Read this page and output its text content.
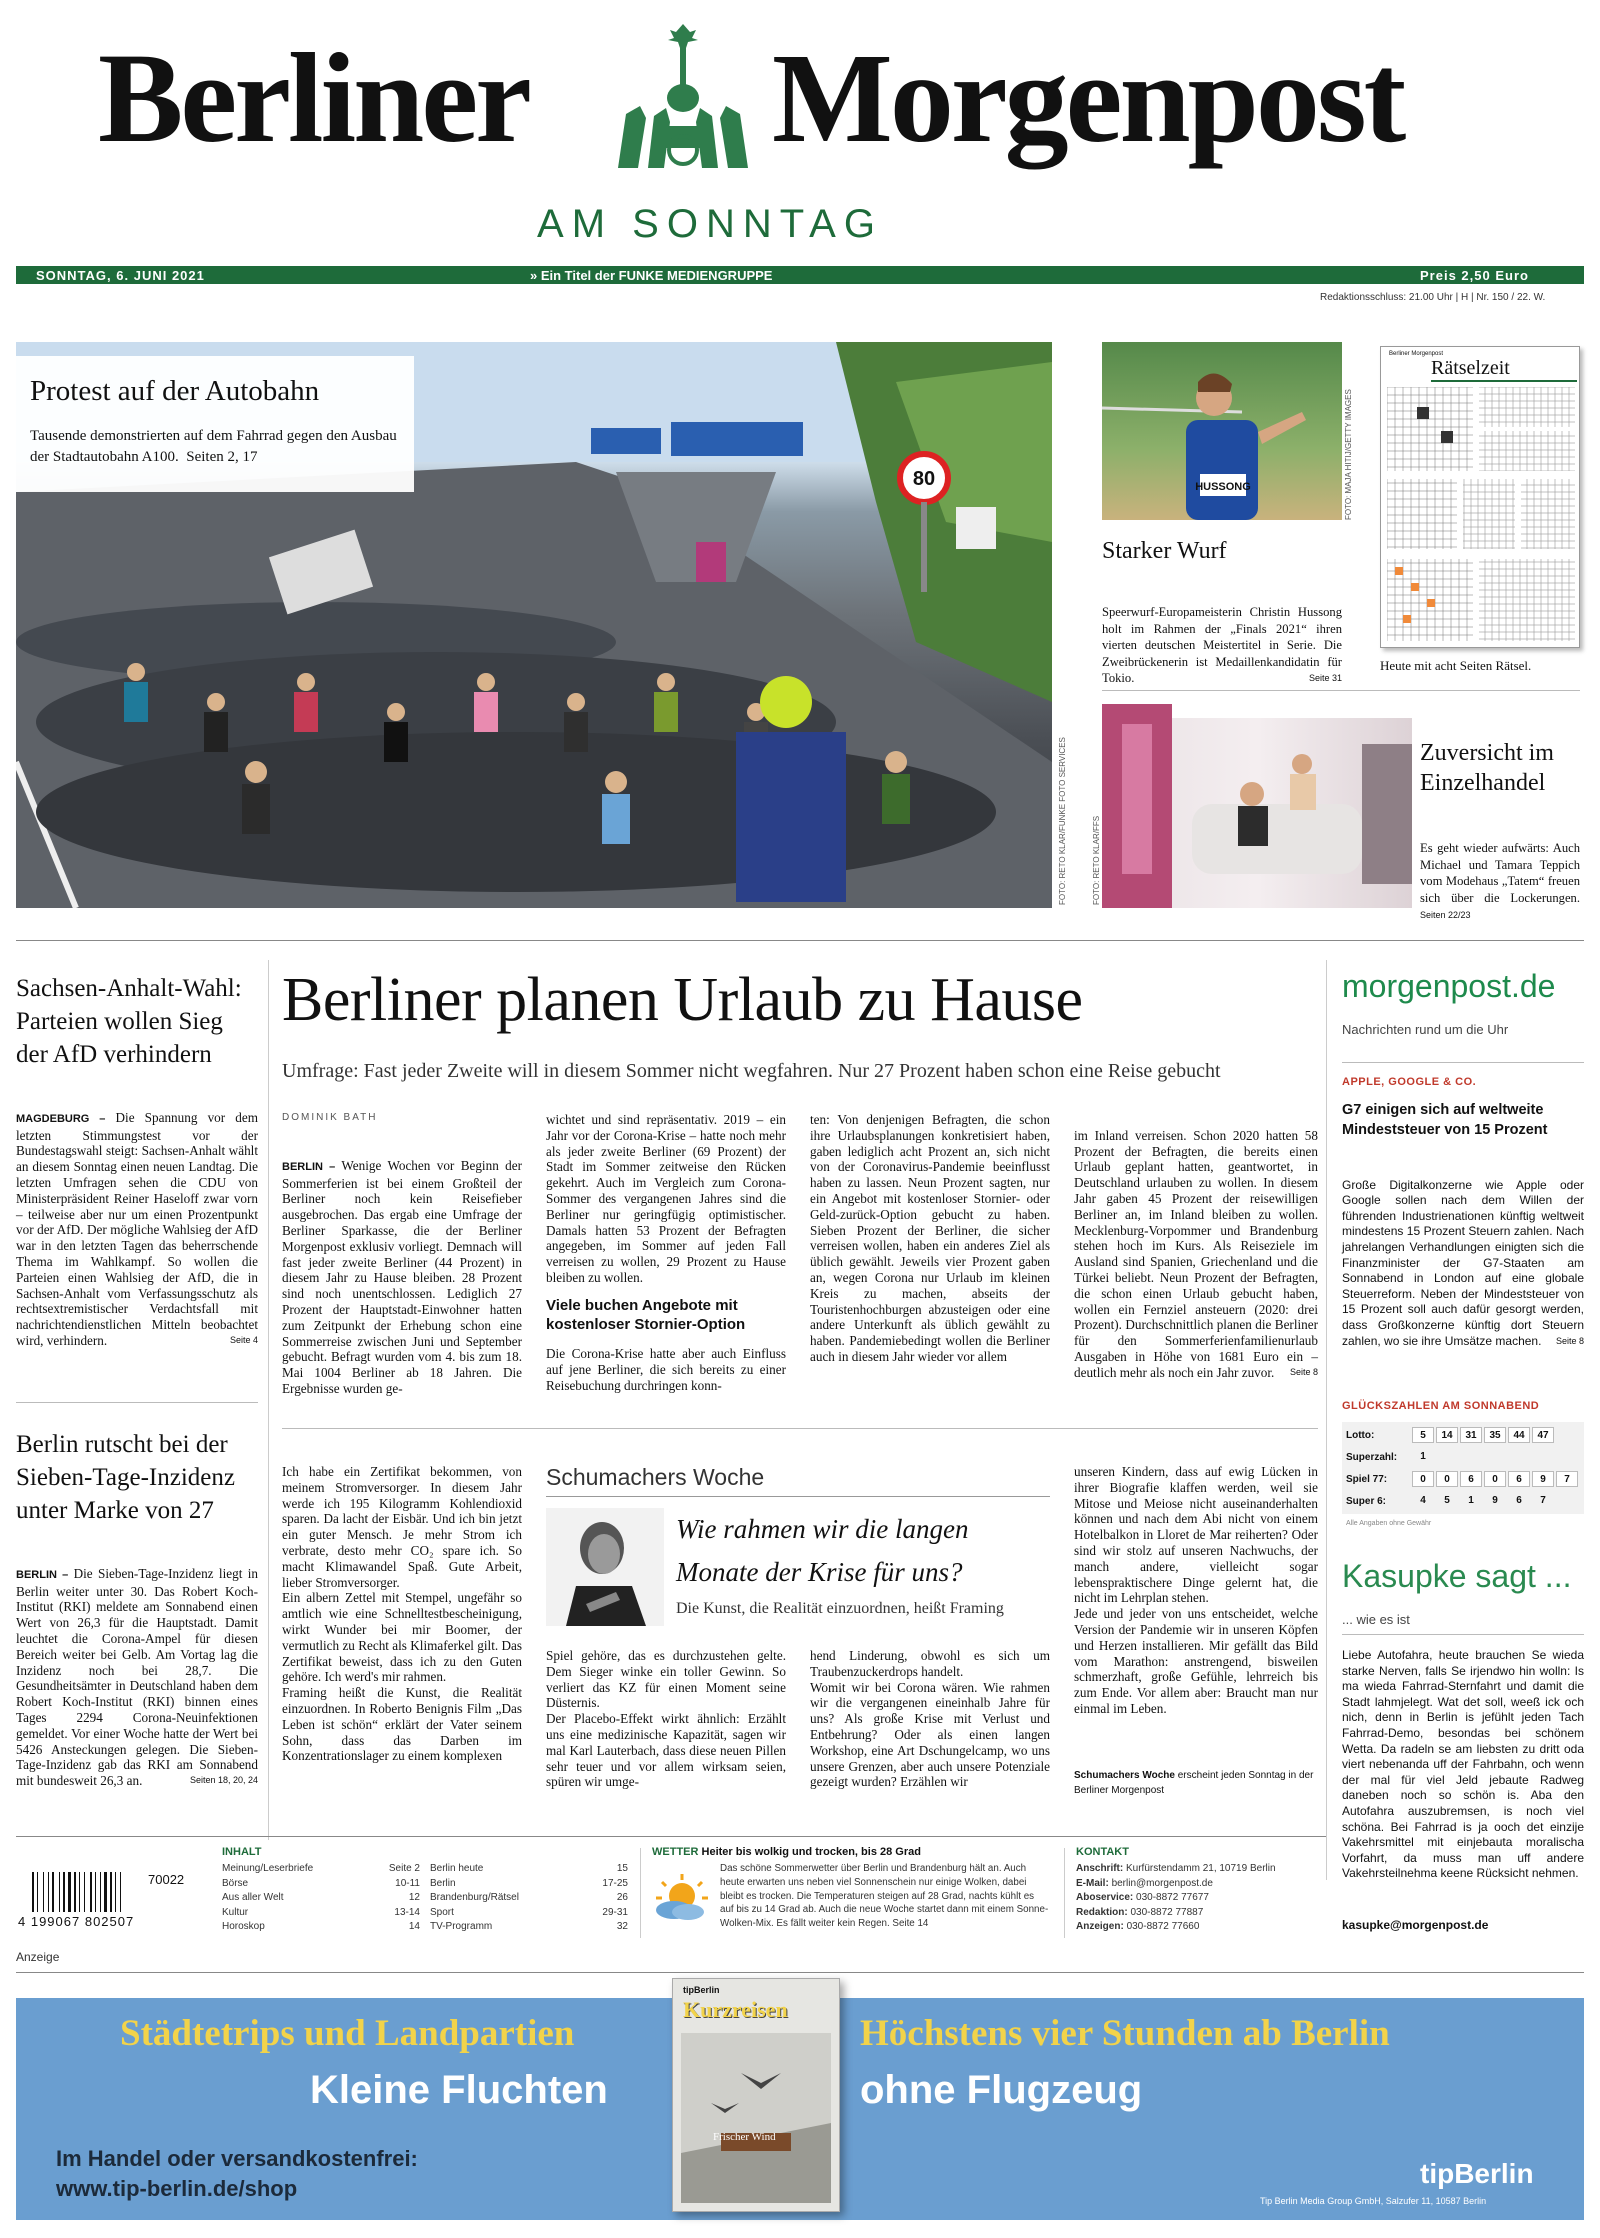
Berliner Morgenpost
AM SONNTAG
SONNTAG, 6. JUNI 2021	» Ein Titel der FUNKE MEDIENGRUPPE	Preis 2,50 Euro
Redaktionsschluss: 21.00 Uhr | H | Nr. 150 / 22. W.
80
Protest auf der Autobahn
Tausende demonstrierten auf dem Fahrrad gegen den Ausbau der Stadtautobahn A100. Seiten 2, 17
FOTO: RETO KLAR/FUNKE FOTO SERVICES
HUSSONG	FOTO: MAJA HITIJ/GETTY IMAGES
Starker Wurf

Speerwurf-Europameisterin Christin Hussong holt im Rahmen der „Finals 2021“ ihren vierten deutschen Meistertitel in Serie. Die Zweibrückenerin ist Medaillenkandidatin für Tokio.	Seite 31

Berliner Morgenpost
Rätselzeit
Heute mit acht Seiten Rätsel.
FOTO: RETO KLAR/FFS
Zuversicht im Einzelhandel

Es geht wieder aufwärts: Auch Michael und Tamara Teppich vom Modehaus „Tatem“ freuen sich über die Lockerungen. Seiten 22/23

Sachsen-Anhalt-Wahl: Parteien wollen Sieg der AfD verhindern

MAGDEBURG – Die Spannung vor dem letzten Stimmungstest vor der Bundestagswahl steigt: Sachsen-Anhalt wählt an diesem Sonntag einen neuen Landtag. Die letzten Umfragen sehen die CDU von Ministerpräsident Reiner Haseloff zwar vorn – teilweise aber nur um einen Prozentpunkt vor der AfD. Der mögliche Wahlsieg der AfD war in den letzten Tagen das beherrschende Thema im Wahlkampf. So wollen die Parteien einen Wahlsieg der AfD, die in Sachsen-Anhalt vom Verfassungsschutz als rechtsextremistischer Verdachtsfall mit nachrichtendienstlichen Mitteln beobachtet wird, verhindern.	Seite 4

Berlin rutscht bei der Sieben-Tage-Inzidenz unter Marke von 27

BERLIN – Die Sieben-Tage-Inzidenz liegt in Berlin weiter unter 30. Das Robert Koch-Institut (RKI) meldete am Sonnabend einen Wert von 26,3 für die Hauptstadt. Damit leuchtet die Corona-Ampel für diesen Bereich weiter bei Gelb. Am Vortag lag die Inzidenz noch bei 28,7. Die Gesundheitsämter in Deutschland haben dem Robert Koch-Institut (RKI) binnen eines Tages 2294 Corona-Neuinfektionen gemeldet. Vor einer Woche hatte der Wert bei 5426 Ansteckungen gelegen. Die Sieben-Tage-Inzidenz gab das RKI am Sonnabend mit bundesweit 26,3 an.	Seiten 18, 20, 24

Berliner planen Urlaub zu Hause
Umfrage: Fast jeder Zweite will in diesem Sommer nicht wegfahren. Nur 27 Prozent haben schon eine Reise gebucht
DOMINIK BATH

BERLIN – Wenige Wochen vor Beginn der Sommerferien ist bei einem Großteil der Berliner noch kein Reisefieber ausgebrochen. Das ergab eine Umfrage der Berliner Sparkasse, die der Berliner Morgenpost exklusiv vorliegt. Demnach will fast jeder zweite Berliner (44 Prozent) in diesem Jahr zu Hause bleiben. 28 Prozent sind noch unentschlossen. Lediglich 27 Prozent der Hauptstadt-Einwohner hatten zum Zeitpunkt der Erhebung schon eine Sommerreise zwischen Juni und September gebucht. Befragt wurden vom 4. bis zum 18. Mai 1004 Berliner ab 18 Jahren. Die Ergebnisse wurden ge-

wichtet und sind repräsentativ. 2019 – ein Jahr vor der Corona-Krise – hatte noch mehr als jeder zweite Berliner (69 Prozent) der Stadt im Sommer zeitweise den Rücken gekehrt. Auch im Vergleich zum Corona-Sommer des vergangenen Jahres sind die Berliner nur geringfügig optimistischer. Damals hatten 53 Prozent der Befragten angegeben, im Sommer auf jeden Fall verreisen zu wollen, 29 Prozent zu Hause bleiben zu wollen.
Viele buchen Angebote mit kostenloser Stornier-Option
Die Corona-Krise hatte aber auch Einfluss auf jene Berliner, die sich bereits zu einer Reisebuchung durchringen konn-
ten: Von denjenigen Befragten, die schon ihre Urlaubsplanungen konkretisiert haben, gaben lediglich acht Prozent an, sich nicht von der Coronavirus-Pandemie beeinflusst haben zu lassen. Neun Prozent sagten, nur ein Angebot mit kostenloser Stornier- oder Geld-zurück-Option gebucht zu haben. Sieben Prozent der Berliner, die sicher verreisen wollen, haben ein anderes Ziel als üblich gewählt. Jeweils vier Prozent gaben an, wegen Corona nur Urlaub im kleinen Kreis zu machen, abseits der Touristenhochburgen abzusteigen oder eine andere Unterkunft als üblich gewählt zu haben. Pandemiebedingt wollen die Berliner auch in diesem Jahr wieder vor allem

im Inland verreisen. Schon 2020 hatten 58 Prozent der Befragten, die bereits einen Urlaub geplant hatten, geantwortet, in Deutschland urlauben zu wollen. In diesem Jahr gaben 45 Prozent der reisewilligen Berliner an, im Inland bleiben zu wollen. Mecklenburg-Vorpommer und Brandenburg stehen hoch im Kurs. Als Reiseziele im Ausland sind Spanien, Griechenland und die Türkei beliebt. Neun Prozent der Befragten, die schon einen Urlaub gebucht haben, wollen ein Fernziel ansteuern (2020: drei Prozent). Durchschnittlich planen die Berliner für den Sommerferienfamilienurlaub Ausgaben in Höhe von 1681 Euro ein – deutlich mehr als noch ein Jahr zuvor. Seite 8

Ich habe ein Zertifikat bekommen, von meinem Stromversorger. In diesem Jahr werde ich 195 Kilogramm Kohlendioxid sparen. Da lacht der Eisbär. Und ich bin jetzt ein guter Mensch. Je mehr Strom ich verbrate, desto mehr CO₂ spare ich. So macht Klimawandel Spaß. Gute Arbeit, lieber Stromversorger.
Ein albern Zettel mit Stempel, ungefähr so amtlich wie eine Schnelltestbescheinigung, wirkt Wunder bei mir Boomer, der vermutlich zu Recht als Klimaferkel gilt. Das Zertifikat beweist, dass ich zu den Guten gehöre. Ich werd's mir rahmen.
Framing heißt die Kunst, die Realität einzuordnen. In Roberto Benignis Film „Das Leben ist schön“ erklärt der Vater seinem Sohn, dass das Darben im Konzentrationslager zu einem komplexen
Schumachers Woche
Wie rahmen wir die langen Monate der Krise für uns?
Die Kunst, die Realität einzuordnen, heißt Framing
Spiel gehöre, das es durchzustehen gelte. Dem Sieger winke ein toller Gewinn. So verliert das KZ für einen Moment seine Düsternis.
Der Placebo-Effekt wirkt ähnlich: Erzählt uns eine medizinische Kapazität, sagen wir mal Karl Lauterbach, dass diese neuen Pillen sehr teuer und vor allem wirksam seien, spüren wir umge-
hend Linderung, obwohl es sich um Traubenzuckerdrops handelt.
Womit wir bei Corona wären. Wie rahmen wir die vergangenen eineinhalb Jahre für uns? Als große Krise mit Verlust und Entbehrung? Oder als einen langen Workshop, eine Art Dschungelcamp, wo uns unsere Grenzen, aber auch unsere Potenziale gezeigt wurden? Erzählen wir
unseren Kindern, dass auf ewig Lücken in ihrer Biografie klaffen werden, weil sie Mitose und Meiose nicht auseinanderhalten können und nach dem Abi nicht von einem Hotelbalkon in Lloret de Mar reiherten? Oder sind wir stolz auf unseren Nachwuchs, der manch andere, vielleicht sogar lebenspraktischere Dinge gelernt hat, die nicht im Lehrplan stehen.
Jede und jeder von uns entscheidet, welche Version der Pandemie wir in unseren Köpfen und Herzen installieren. Mir gefällt das Bild vom Marathon: anstrengend, bisweilen schmerzhaft, große Gefühle, lehrreich bis zum Ende. Vor allem aber: Braucht man nur einmal im Leben.
Schumachers Woche erscheint jeden Sonntag in der Berliner Morgenpost
morgenpost.de
Nachrichten rund um die Uhr
APPLE, GOOGLE & CO.
G7 einigen sich auf weltweite Mindeststeuer von 15 Prozent

Große Digitalkonzerne wie Apple oder Google sollen nach dem Willen der führenden Industrienationen künftig weltweit mindestens 15 Prozent Steuern zahlen. Nach jahrelangen Verhandlungen einigten sich die Finanzminister der G7-Staaten am Sonnabend in London auf eine globale Steuerreform. Neben der Mindeststeuer von 15 Prozent soll auch dafür gesorgt werden, dass Großkonzerne künftig dort Steuern zahlen, wo sie ihre Umsätze machen. Seite 8

GLÜCKSZAHLEN AM SONNABEND
Lotto:	5	14	31	35	44	47
Superzahl:	1
Spiel 77:	0	0	6	0	6	9	7
Super 6:	4	5	1	9	6	7
Alle Angaben ohne Gewähr
Kasupke sagt ...
... wie es ist
Liebe Autofahra, heute brauchen Se wieda starke Nerven, falls Se irjendwo hin wolln: Is ma wieda Fahrrad-Sternfahrt und damit die Stadt lahmjelegt. Wat det soll, weeß ick och nich, denn in Berlin is jefühlt jeden Tach Fahrrad-Demo, besondas bei schönem Wetta. Da radeln se am liebsten zu dritt oda viert nebenanda uff der Fahrbahn, och wenn der mal für viel Jeld jebaute Radweg daneben noch so schön is. Aba den Autofahra auszubremsen, is noch viel schöna. Bei Fahrrad is ja ooch det einzije Vakehrsmittel mit einjebauta moralischa Vorfahrt, da muss man uff andere Vakehrsteilnehma keene Rücksicht nehmen.
kasupke@morgenpost.de
70022
4 199067 802507
INHALT
Meinung/Leserbriefe	Seite 2
Börse	10-11
Aus aller Welt	12
Kultur	13-14
Horoskop	14
Berlin heute	15
Berlin	17-25
Brandenburg/Rätsel	26
Sport	29-31
TV-Programm	32
WETTER Heiter bis wolkig und trocken, bis 28 Grad
Das schöne Sommerwetter über Berlin und Brandenburg hält an. Auch heute erwarten uns neben viel Sonnenschein nur einige Wolken, dabei bleibt es trocken. Die Temperaturen steigen auf 28 Grad, nachts kühlt es auf bis zu 14 Grad ab. Auch die neue Woche startet dann mit einem Sonne-Wolken-Mix. Es fällt weiter kein Regen. Seite 14
KONTAKT
Anschrift: Kurfürstendamm 21, 10719 Berlin
E-Mail: berlin@morgenpost.de
Aboservice: 030-8872 77677
Redaktion: 030-8872 77887
Anzeigen: 030-8872 77660
Anzeige
Städtetrips und Landpartien
Kleine Fluchten
Höchstens vier Stunden ab Berlin
ohne Flugzeug
Im Handel oder versandkostenfrei:
www.tip-berlin.de/shop	tipBerlin
Tip Berlin Media Group GmbH, Salzufer 11, 10587 Berlin
tipBerlin
Kurzreisen
Frischer Wind
